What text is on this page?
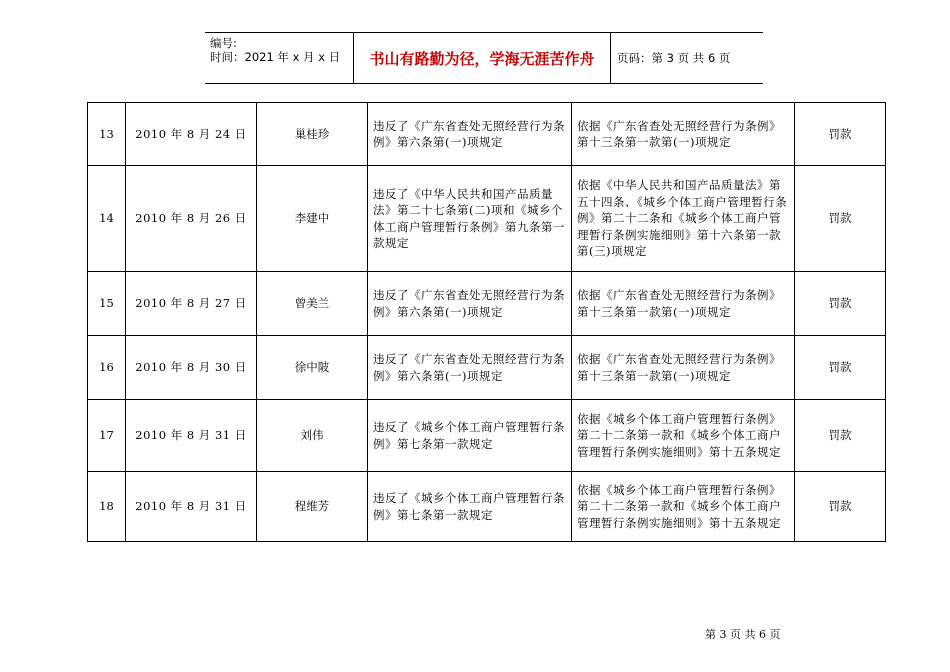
编号:
时间：2021 年 x 月 x 日	书山有路勤为径，学海无涯苦作舟	页码：第 3 页 共 6 页
13	2010 年 8 月 24 日	巢桂珍	违反了《广东省查处无照经营行为条例》第六条第(一)项规定	依据《广东省查处无照经营行为条例》第十三条第一款第(一)项规定	罚款
14	2010 年 8 月 26 日	李建中	违反了《中华人民共和国产品质量法》第二十七条第(二)项和《城乡个体工商户管理暂行条例》第九条第一款规定	依据《中华人民共和国产品质量法》第五十四条、《城乡个体工商户管理暂行条例》第二十二条和《城乡个体工商户管理暂行条例实施细则》第十六条第一款第(三)项规定	罚款
15	2010 年 8 月 27 日	曾美兰	违反了《广东省查处无照经营行为条例》第六条第(一)项规定	依据《广东省查处无照经营行为条例》第十三条第一款第(一)项规定	罚款
16	2010 年 8 月 30 日	徐中陂	违反了《广东省查处无照经营行为条例》第六条第(一)项规定	依据《广东省查处无照经营行为条例》第十三条第一款第(一)项规定	罚款
17	2010 年 8 月 31 日	刘伟	违反了《城乡个体工商户管理暂行条例》第七条第一款规定	依据《城乡个体工商户管理暂行条例》第二十二条第一款和《城乡个体工商户管理暂行条例实施细则》第十五条规定	罚款
18	2010 年 8 月 31 日	程维芳	违反了《城乡个体工商户管理暂行条例》第七条第一款规定	依据《城乡个体工商户管理暂行条例》第二十二条第一款和《城乡个体工商户管理暂行条例实施细则》第十五条规定	罚款
第 3 页 共 6 页
